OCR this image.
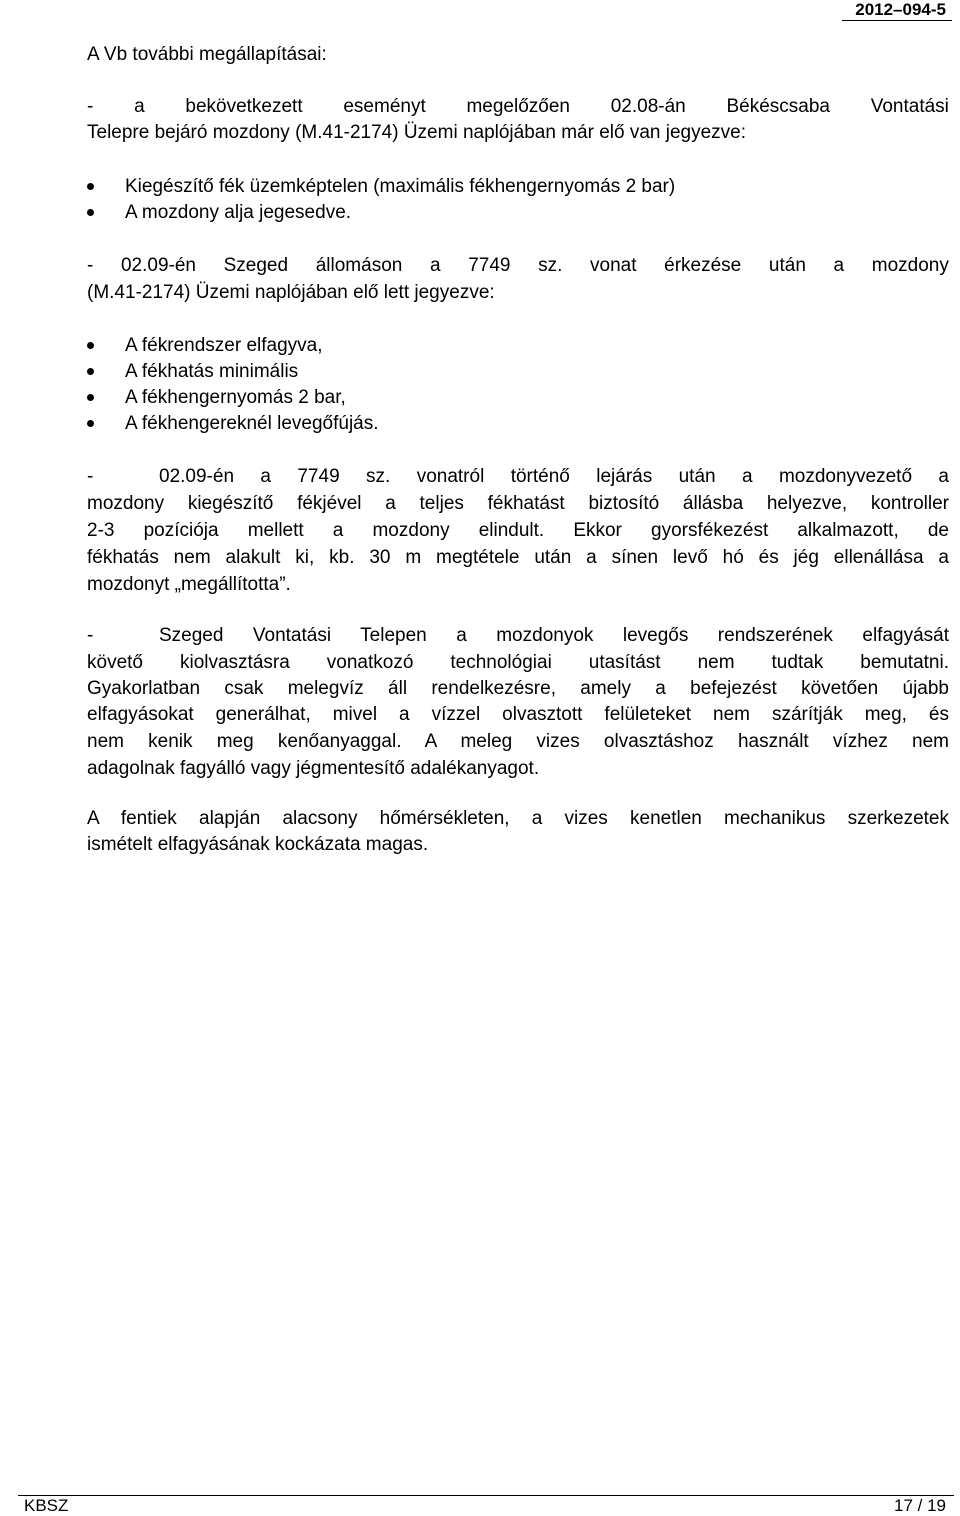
2012–094-5
A Vb további megállapításai:
- a bekövetkezett eseményt megelőzően 02.08-án Békéscsaba Vontatási
Telepre bejáró mozdony (M.41-2174) Üzemi naplójában már elő van jegyezve:
Kiegészítő fék üzemképtelen (maximális fékhengernyomás 2 bar)
A mozdony alja jegesedve.
- 02.09-én Szeged állomáson a 7749 sz. vonat érkezése után a mozdony
(M.41-2174) Üzemi naplójában elő lett jegyezve:
A fékrendszer elfagyva,
A fékhatás minimális
A fékhengernyomás 2 bar,
A fékhengereknél levegőfújás.
-	02.09-én a 7749 sz. vonatról történő lejárás után a mozdonyvezető a
mozdony kiegészítő fékjével a teljes fékhatást biztosító állásba helyezve, kontroller
2-3 pozíciója mellett a mozdony elindult. Ekkor gyorsfékezést alkalmazott, de
fékhatás nem alakult ki, kb. 30 m megtétele után a sínen levő hó és jég ellenállása a
mozdonyt „megállította”.
-	Szeged Vontatási Telepen a mozdonyok levegős rendszerének elfagyását
követő kiolvasztásra vonatkozó technológiai utasítást nem tudtak bemutatni.
Gyakorlatban csak melegvíz áll rendelkezésre, amely a befejezést követően újabb
elfagyásokat generálhat, mivel a vízzel olvasztott felületeket nem szárítják meg, és
nem kenik meg kenőanyaggal. A meleg vizes olvasztáshoz használt vízhez nem
adagolnak fagyálló vagy jégmentesítő adalékanyagot.
A fentiek alapján alacsony hőmérsékleten, a vizes kenetlen mechanikus szerkezetek
ismételt elfagyásának kockázata magas.
KBSZ	17 / 19
